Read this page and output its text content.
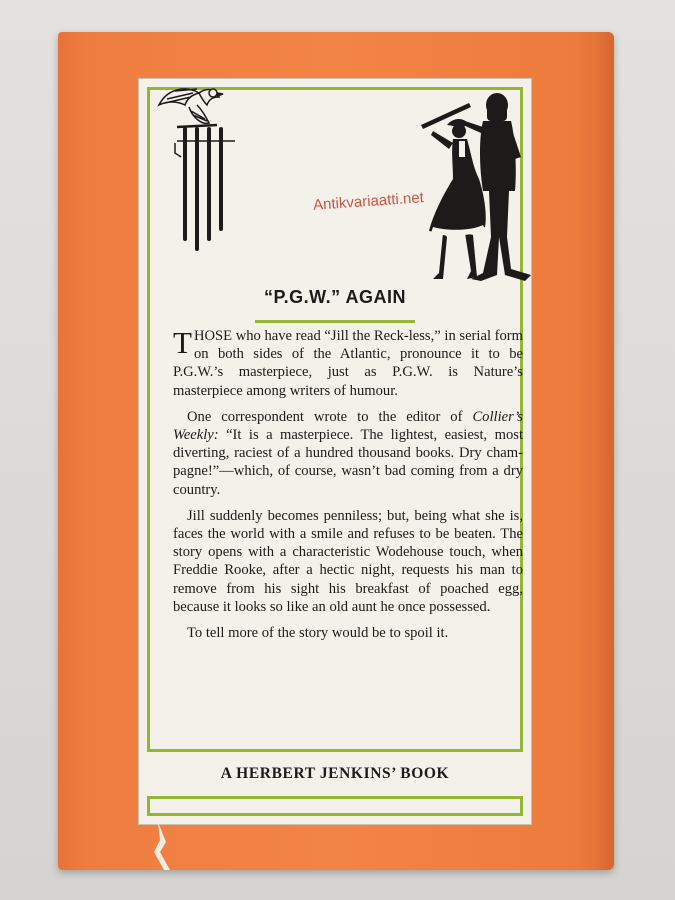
Antikvariaatti.net
“P.G.W.” AGAIN

THOSE who have read “Jill the Reck-less,” in serial form on both sides of the Atlantic, pronounce it to be P.G.W.’s masterpiece, just as P.G.W. is Nature’s masterpiece among writers of humour.

One correspondent wrote to the editor of Collier’s Weekly: “It is a masterpiece. The lightest, easiest, most diverting, raciest of a hundred thousand books. Dry cham-pagne!”—which, of course, wasn’t bad coming from a dry country.

Jill suddenly becomes penniless; but, being what she is, faces the world with a smile and refuses to be beaten. The story opens with a characteristic Wodehouse touch, when Freddie Rooke, after a hectic night, requests his man to remove from his sight his breakfast of poached egg, because it looks so like an old aunt he once possessed.

To tell more of the story would be to spoil it.

A HERBERT JENKINS’ BOOK
